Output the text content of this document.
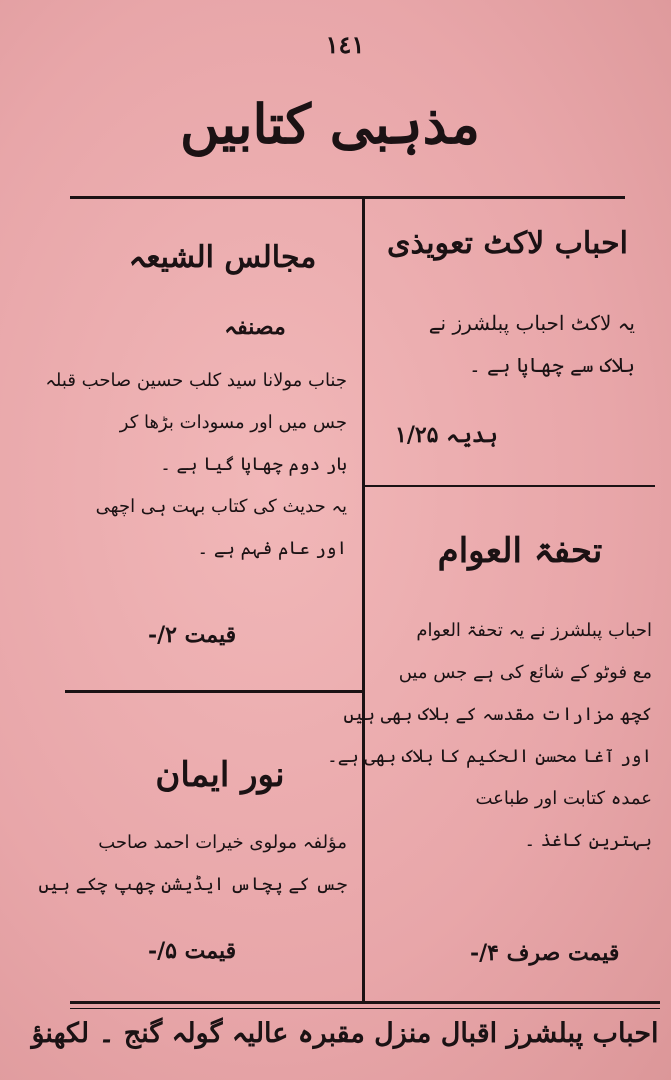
١٤١
مذہبی کتابیں
احباب لاکٹ تعویذی

یہ لاکٹ احباب پبلشرز نے

بلاک سے چھاپا ہے ۔

ہدیہ ۱/۲۵
تحفۃ العوام

احباب پبلشرز نے یہ تحفۃ العوام

مع فوٹو کے شائع کی ہے جس میں

کچھ مزارات مقدسہ کے بلاک بھی ہیں

اور آغا محسن الحکیم کا بلاک بھی ہے۔

عمدہ کتابت اور طباعت

بہترین کاغذ ۔

قیمت صرف ۴/-
مجالس الشیعہ
مصنفہ

جناب مولانا سید کلب حسین صاحب قبلہ

جس میں اور مسودات بڑھا کر

بار دوم چھاپا گیا ہے ۔

یہ حدیث کی کتاب بہت ہی اچھی

اور عام فہم ہے ۔

قیمت ۲/-
نور ایمان

مؤلفہ مولوی خیرات احمد صاحب

جس کے پچاس ایڈیشن چھپ چکے ہیں

قیمت ۵/-
احباب پبلشرز اقبال منزل مقبرہ عالیہ گولہ گنج ۔ لکھنؤ
